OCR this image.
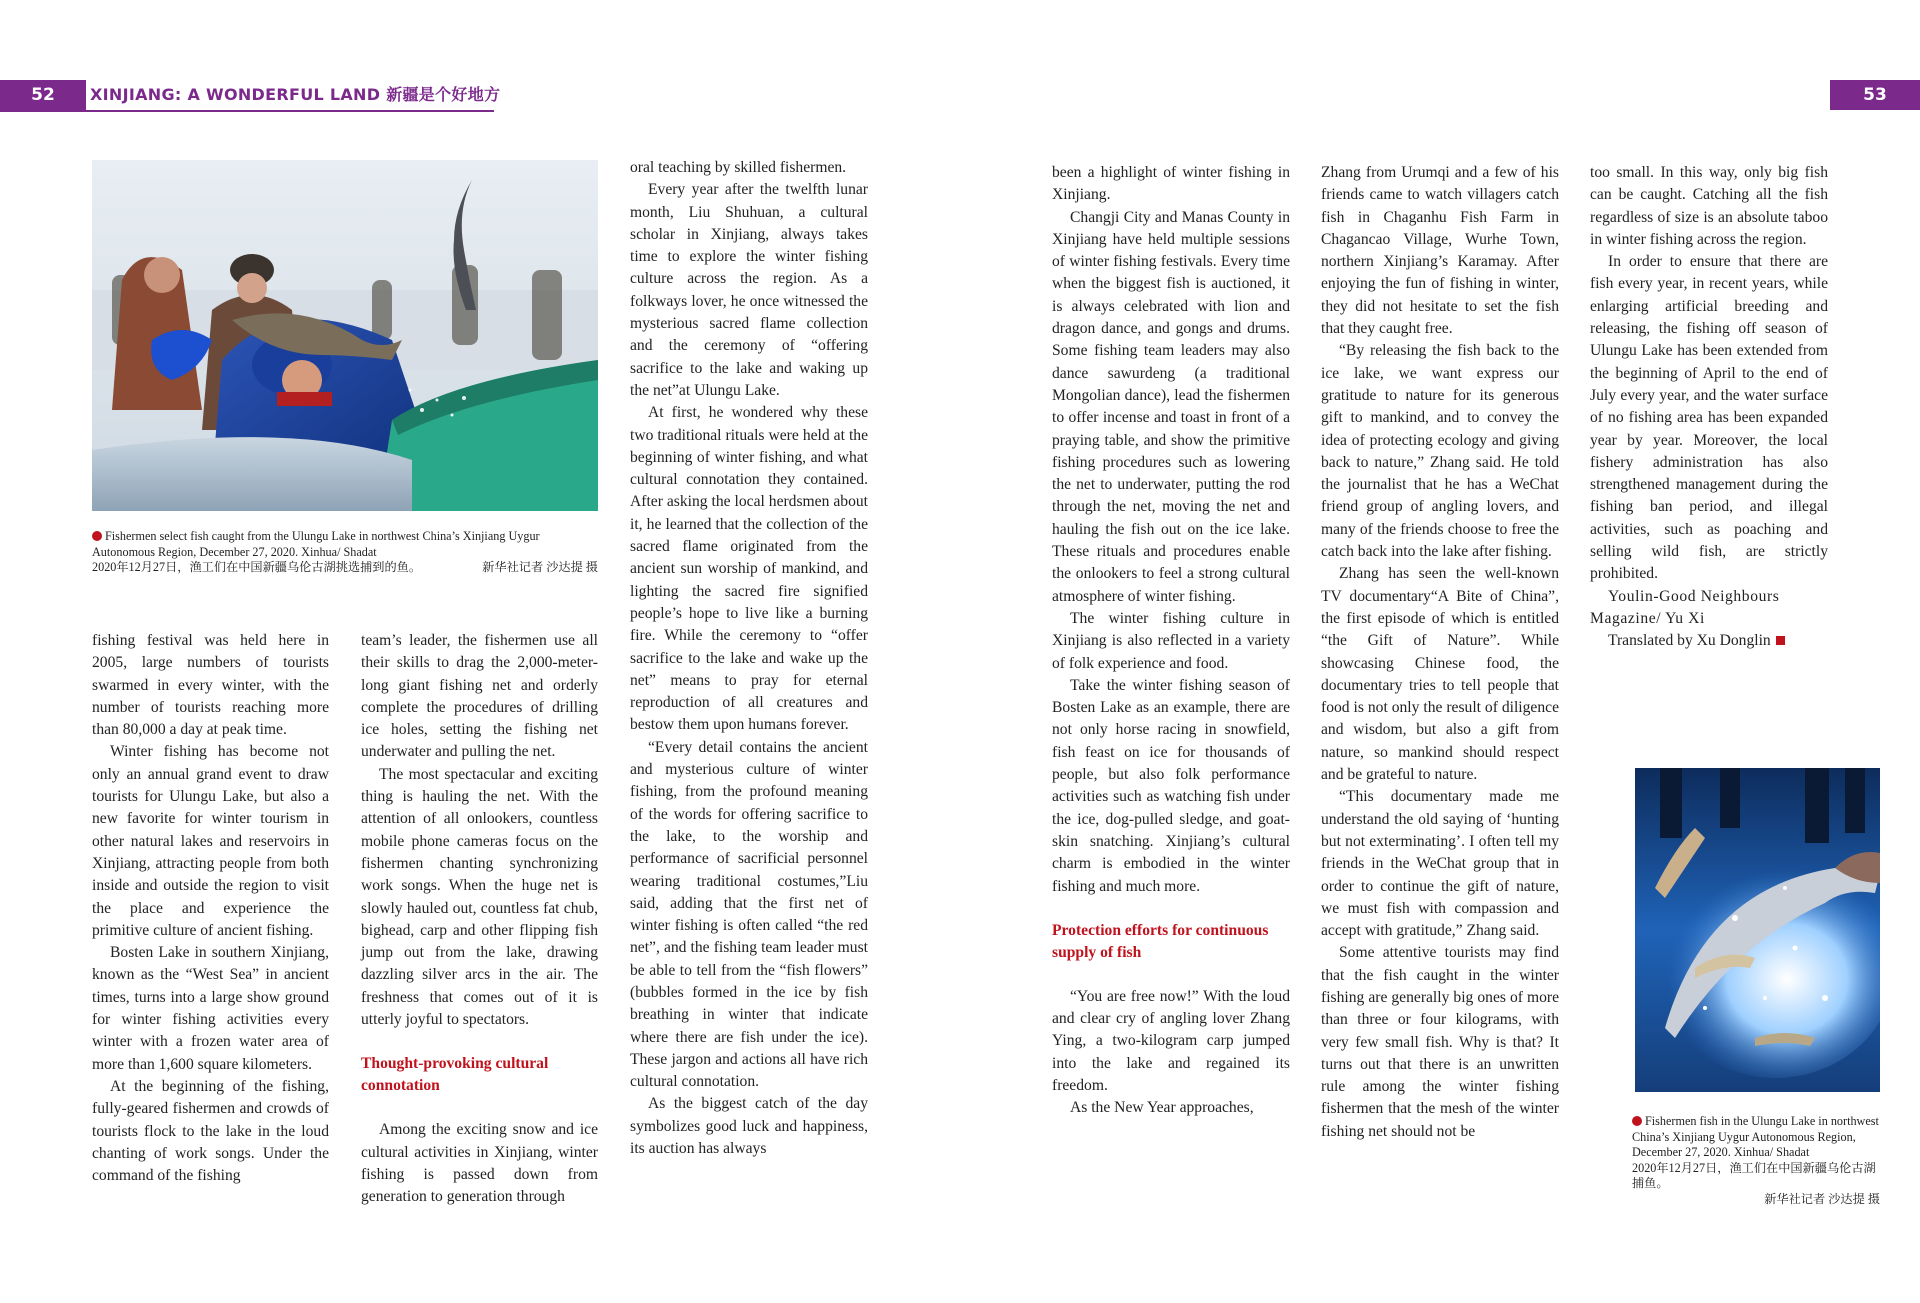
52	XINJIANG: A WONDERFUL LAND 新疆是个好地方
Fishermen select fish caught from the Ulungu Lake in northwest China’s Xinjiang Uygur Autonomous Region, December 27, 2020. Xinhua/ Shadat
2020年12月27日，渔工们在中国新疆乌伦古湖挑选捕到的鱼。	新华社记者 沙达提 摄

fishing festival was held here in 2005, large numbers of tourists swarmed in every winter, with the number of tourists reaching more than 80,000 a day at peak time.

Winter fishing has become not only an annual grand event to draw tourists for Ulungu Lake, but also a new favorite for winter tourism in other natural lakes and reservoirs in Xinjiang, attracting people from both inside and outside the region to visit the place and experience the primitive culture of ancient fishing.

Bosten Lake in southern Xinjiang, known as the “West Sea” in ancient times, turns into a large show ground for winter fishing activities every winter with a frozen water area of more than 1,600 square kilometers.

At the beginning of the fishing, fully-geared fishermen and crowds of tourists flock to the lake in the loud chanting of work songs. Under the command of the fishing

team’s leader, the fishermen use all their skills to drag the 2,000-meter-long giant fishing net and orderly complete the procedures of drilling ice holes, setting the fishing net underwater and pulling the net.

The most spectacular and exciting thing is hauling the net. With the attention of all onlookers, countless mobile phone cameras focus on the fishermen chanting synchronizing work songs. When the huge net is slowly hauled out, countless fat chub, bighead, carp and other flipping fish jump out from the lake, drawing dazzling silver arcs in the air. The freshness that comes out of it is utterly joyful to spectators.

Thought-provoking cultural connotation

Among the exciting snow and ice cultural activities in Xinjiang, winter fishing is passed down from generation to generation through

oral teaching by skilled fishermen.

Every year after the twelfth lunar month, Liu Shuhuan, a cultural scholar in Xinjiang, always takes time to explore the winter fishing culture across the region. As a folkways lover, he once witnessed the mysterious sacred flame collection and the ceremony of “offering sacrifice to the lake and waking up the net”at Ulungu Lake.

At first, he wondered why these two traditional rituals were held at the beginning of winter fishing, and what cultural connotation they contained. After asking the local herdsmen about it, he learned that the collection of the sacred flame originated from the ancient sun worship of mankind, and lighting the sacred fire signified people’s hope to live like a burning fire. While the ceremony to “offer sacrifice to the lake and wake up the net” means to pray for eternal reproduction of all creatures and bestow them upon humans forever.

“Every detail contains the ancient and mysterious culture of winter fishing, from the profound meaning of the words for offering sacrifice to the lake, to the worship and performance of sacrificial personnel wearing traditional costumes,”Liu said, adding that the first net of winter fishing is often called “the red net”, and the fishing team leader must be able to tell from the “fish flowers” (bubbles formed in the ice by fish breathing in winter that indicate where there are fish under the ice). These jargon and actions all have rich cultural connotation.

As the biggest catch of the day symbolizes good luck and happiness, its auction has always

53

been a highlight of winter fishing in Xinjiang.

Changji City and Manas County in Xinjiang have held multiple sessions of winter fishing festivals. Every time when the biggest fish is auctioned, it is always celebrated with lion and dragon dance, and gongs and drums. Some fishing team leaders may also dance sawurdeng (a traditional Mongolian dance), lead the fishermen to offer incense and toast in front of a praying table, and show the primitive fishing procedures such as lowering the net to underwater, putting the rod through the net, moving the net and hauling the fish out on the ice lake. These rituals and procedures enable the onlookers to feel a strong cultural atmosphere of winter fishing.

The winter fishing culture in Xinjiang is also reflected in a variety of folk experience and food.

Take the winter fishing season of Bosten Lake as an example, there are not only horse racing in snowfield, fish feast on ice for thousands of people, but also folk performance activities such as watching fish under the ice, dog-pulled sledge, and goat-skin snatching. Xinjiang’s cultural charm is embodied in the winter fishing and much more.

Protection efforts for continuous supply of fish

“You are free now!” With the loud and clear cry of angling lover Zhang Ying, a two-kilogram carp jumped into the lake and regained its freedom.

As the New Year approaches,

Zhang from Urumqi and a few of his friends came to watch villagers catch fish in Chaganhu Fish Farm in Chagancao Village, Wurhe Town, northern Xinjiang’s Karamay. After enjoying the fun of fishing in winter, they did not hesitate to set the fish that they caught free.

“By releasing the fish back to the ice lake, we want express our gratitude to nature for its generous gift to mankind, and to convey the idea of protecting ecology and giving back to nature,” Zhang said. He told the journalist that he has a WeChat friend group of angling lovers, and many of the friends choose to free the catch back into the lake after fishing.

Zhang has seen the well-known TV documentary“A Bite of China”, the first episode of which is entitled “the Gift of Nature”. While showcasing Chinese food, the documentary tries to tell people that food is not only the result of diligence and wisdom, but also a gift from nature, so mankind should respect and be grateful to nature.

“This documentary made me understand the old saying of ‘hunting but not exterminating’. I often tell my friends in the WeChat group that in order to continue the gift of nature, we must fish with compassion and accept with gratitude,” Zhang said.

Some attentive tourists may find that the fish caught in the winter fishing are generally big ones of more than three or four kilograms, with very few small fish. Why is that? It turns out that there is an unwritten rule among the winter fishing fishermen that the mesh of the winter fishing net should not be

too small. In this way, only big fish can be caught. Catching all the fish regardless of size is an absolute taboo in winter fishing across the region.

In order to ensure that there are fish every year, in recent years, while enlarging artificial breeding and releasing, the fishing off season of Ulungu Lake has been extended from the beginning of April to the end of July every year, and the water surface of no fishing area has been expanded year by year. Moreover, the local fishery administration has also strengthened management during the fishing ban period, and illegal activities, such as poaching and selling wild fish, are strictly prohibited.

Youlin-Good Neighbours Magazine/ Yu Xi

Translated by Xu Donglin

Fishermen fish in the Ulungu Lake in northwest China’s Xinjiang Uygur Autonomous Region, December 27, 2020. Xinhua/ Shadat
2020年12月27日，渔工们在中国新疆乌伦古湖捕鱼。
新华社记者 沙达提 摄
